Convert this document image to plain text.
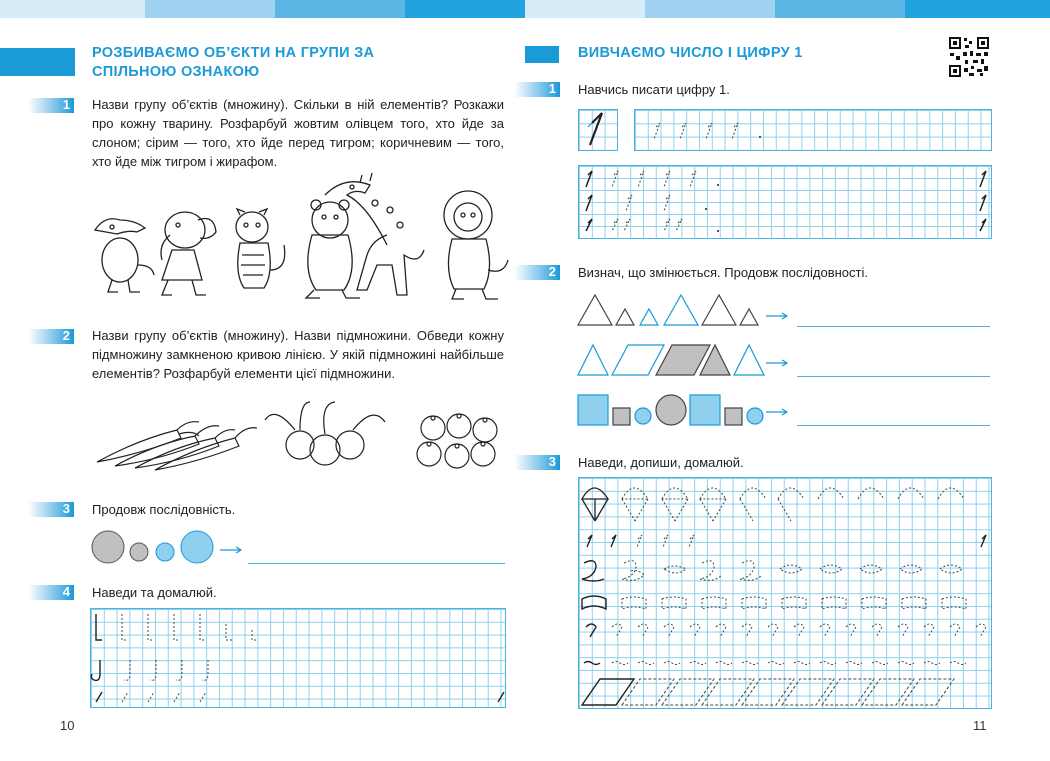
РОЗБИВАЄМО ОБ’ЄКТИ НА ГРУПИ ЗА СПІЛЬНОЮ ОЗНАКОЮ
1 Назви групу об’єктів (множину). Скільки в ній елементів? Розкажи про кожну тварину. Розфарбуй жовтим олівцем того, хто йде за слоном; сірим — того, хто йде перед тигром; коричневим — того, хто йде між тигром і жирафом.
2 Назви групу об’єктів (множину). Назви підмножини. Обведи кожну підмножину замкненою кривою лінією. У якій підмножині найбільше елементів? Розфарбуй елементи цієї підмножини.
3 Продовж послідовність.
4 Наведи та домалюй.
10
ВИВЧАЄМО ЧИСЛО І ЦИФРУ 1
1 Навчись писати цифру 1.
2 Визнач, що змінюється. Продовж послідовності.
3 Наведи, допиши, домалюй.
11
